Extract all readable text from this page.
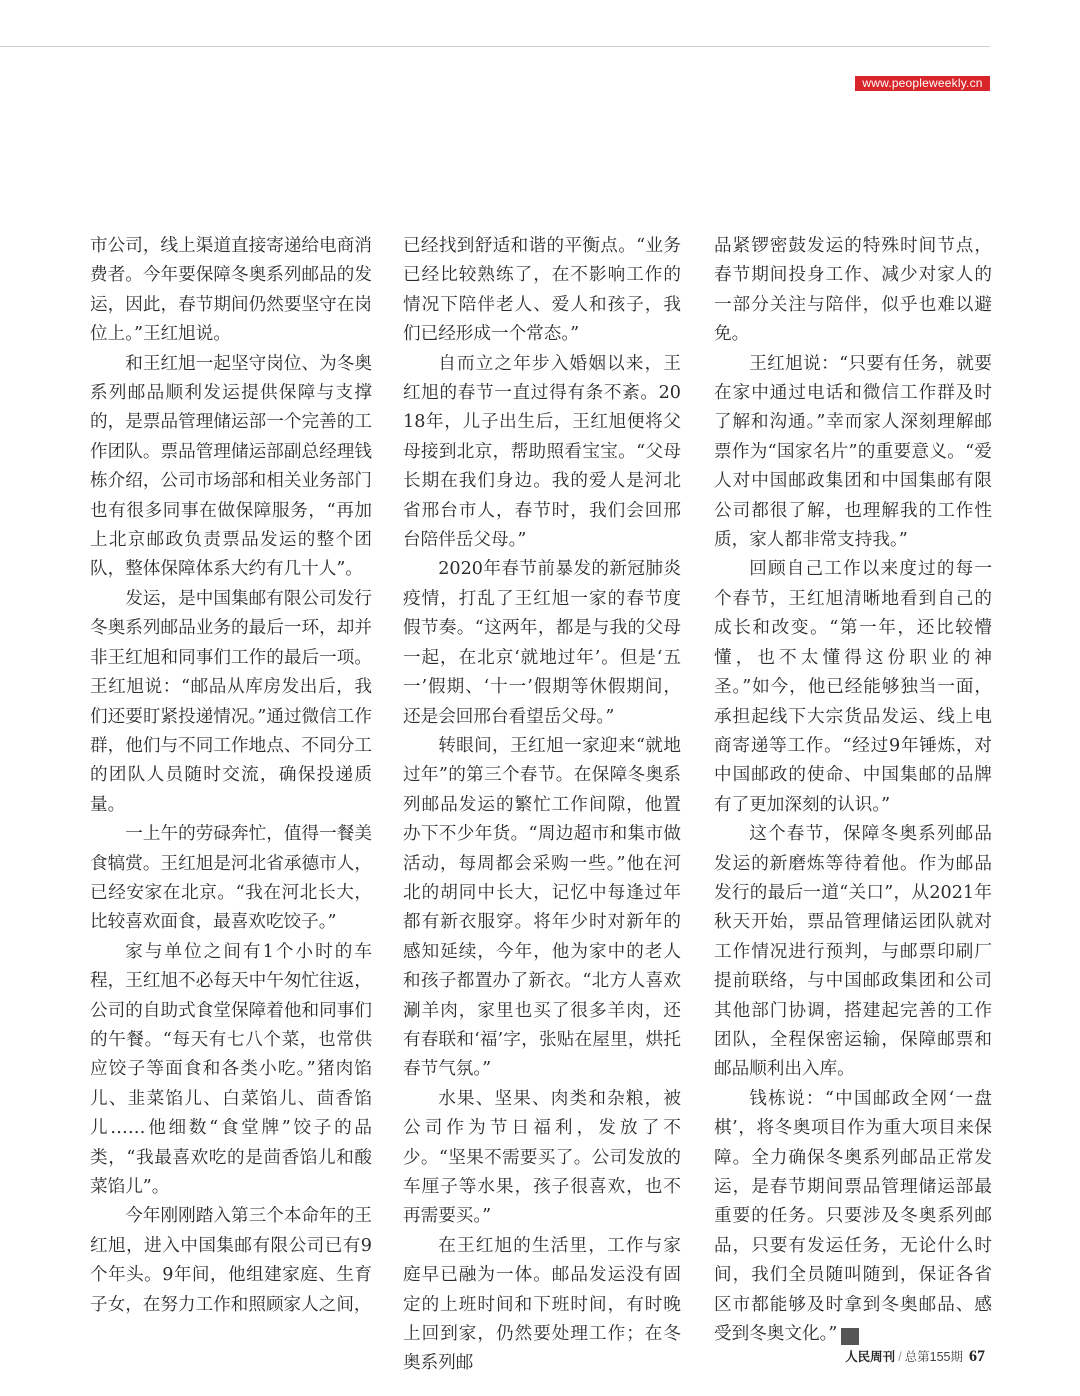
www.peopleweekly.cn

市公司，线上渠道直接寄递给电商消费者。今年要保障冬奥系列邮品的发运，因此，春节期间仍然要坚守在岗位上。”王红旭说。

和王红旭一起坚守岗位、为冬奥系列邮品顺利发运提供保障与支撑的，是票品管理储运部一个完善的工作团队。票品管理储运部副总经理钱栋介绍，公司市场部和相关业务部门也有很多同事在做保障服务，“再加上北京邮政负责票品发运的整个团队，整体保障体系大约有几十人”。

发运，是中国集邮有限公司发行冬奥系列邮品业务的最后一环，却并非王红旭和同事们工作的最后一项。王红旭说：“邮品从库房发出后，我们还要盯紧投递情况。”通过微信工作群，他们与不同工作地点、不同分工的团队人员随时交流，确保投递质量。

一上午的劳碌奔忙，值得一餐美食犒赏。王红旭是河北省承德市人，已经安家在北京。“我在河北长大，比较喜欢面食，最喜欢吃饺子。”

家与单位之间有1个小时的车程，王红旭不必每天中午匆忙往返，公司的自助式食堂保障着他和同事们的午餐。“每天有七八个菜，也常供应饺子等面食和各类小吃。”猪肉馅儿、韭菜馅儿、白菜馅儿、茴香馅儿……他细数“食堂牌”饺子的品类，“我最喜欢吃的是茴香馅儿和酸菜馅儿”。

今年刚刚踏入第三个本命年的王红旭，进入中国集邮有限公司已有9个年头。9年间，他组建家庭、生育子女，在努力工作和照顾家人之间，

已经找到舒适和谐的平衡点。“业务已经比较熟练了，在不影响工作的情况下陪伴老人、爱人和孩子，我们已经形成一个常态。”

自而立之年步入婚姻以来，王红旭的春节一直过得有条不紊。2018年，儿子出生后，王红旭便将父母接到北京，帮助照看宝宝。“父母长期在我们身边。我的爱人是河北省邢台市人，春节时，我们会回邢台陪伴岳父母。”

2020年春节前暴发的新冠肺炎疫情，打乱了王红旭一家的春节度假节奏。“这两年，都是与我的父母一起，在北京‘就地过年’。但是‘五一’假期、‘十一’假期等休假期间，还是会回邢台看望岳父母。”

转眼间，王红旭一家迎来“就地过年”的第三个春节。在保障冬奥系列邮品发运的繁忙工作间隙，他置办下不少年货。“周边超市和集市做活动，每周都会采购一些。”他在河北的胡同中长大，记忆中每逢过年都有新衣服穿。将年少时对新年的感知延续，今年，他为家中的老人和孩子都置办了新衣。“北方人喜欢涮羊肉，家里也买了很多羊肉，还有春联和‘福’字，张贴在屋里，烘托春节气氛。”

水果、坚果、肉类和杂粮，被公司作为节日福利，发放了不少。“坚果不需要买了。公司发放的车厘子等水果，孩子很喜欢，也不再需要买。”

在王红旭的生活里，工作与家庭早已融为一体。邮品发运没有固定的上班时间和下班时间，有时晚上回到家，仍然要处理工作；在冬奥系列邮

品紧锣密鼓发运的特殊时间节点，春节期间投身工作、减少对家人的一部分关注与陪伴，似乎也难以避免。

王红旭说：“只要有任务，就要在家中通过电话和微信工作群及时了解和沟通。”幸而家人深刻理解邮票作为“国家名片”的重要意义。“爱人对中国邮政集团和中国集邮有限公司都很了解，也理解我的工作性质，家人都非常支持我。”

回顾自己工作以来度过的每一个春节，王红旭清晰地看到自己的成长和改变。“第一年，还比较懵懂，也不太懂得这份职业的神圣。”如今，他已经能够独当一面，承担起线下大宗货品发运、线上电商寄递等工作。“经过9年锤炼，对中国邮政的使命、中国集邮的品牌有了更加深刻的认识。”

这个春节，保障冬奥系列邮品发运的新磨炼等待着他。作为邮品发行的最后一道“关口”，从2021年秋天开始，票品管理储运团队就对工作情况进行预判，与邮票印刷厂提前联络，与中国邮政集团和公司其他部门协调，搭建起完善的工作团队，全程保密运输，保障邮票和邮品顺利出入库。

钱栋说：“中国邮政全网‘一盘棋’，将冬奥项目作为重大项目来保障。全力确保冬奥系列邮品正常发运，是春节期间票品管理储运部最重要的任务。只要涉及冬奥系列邮品，只要有发运任务，无论什么时间，我们全员随叫随到，保证各省区市都能够及时拿到冬奥邮品、感受到冬奥文化。”	K

人民周刊 / 总第155期 67
